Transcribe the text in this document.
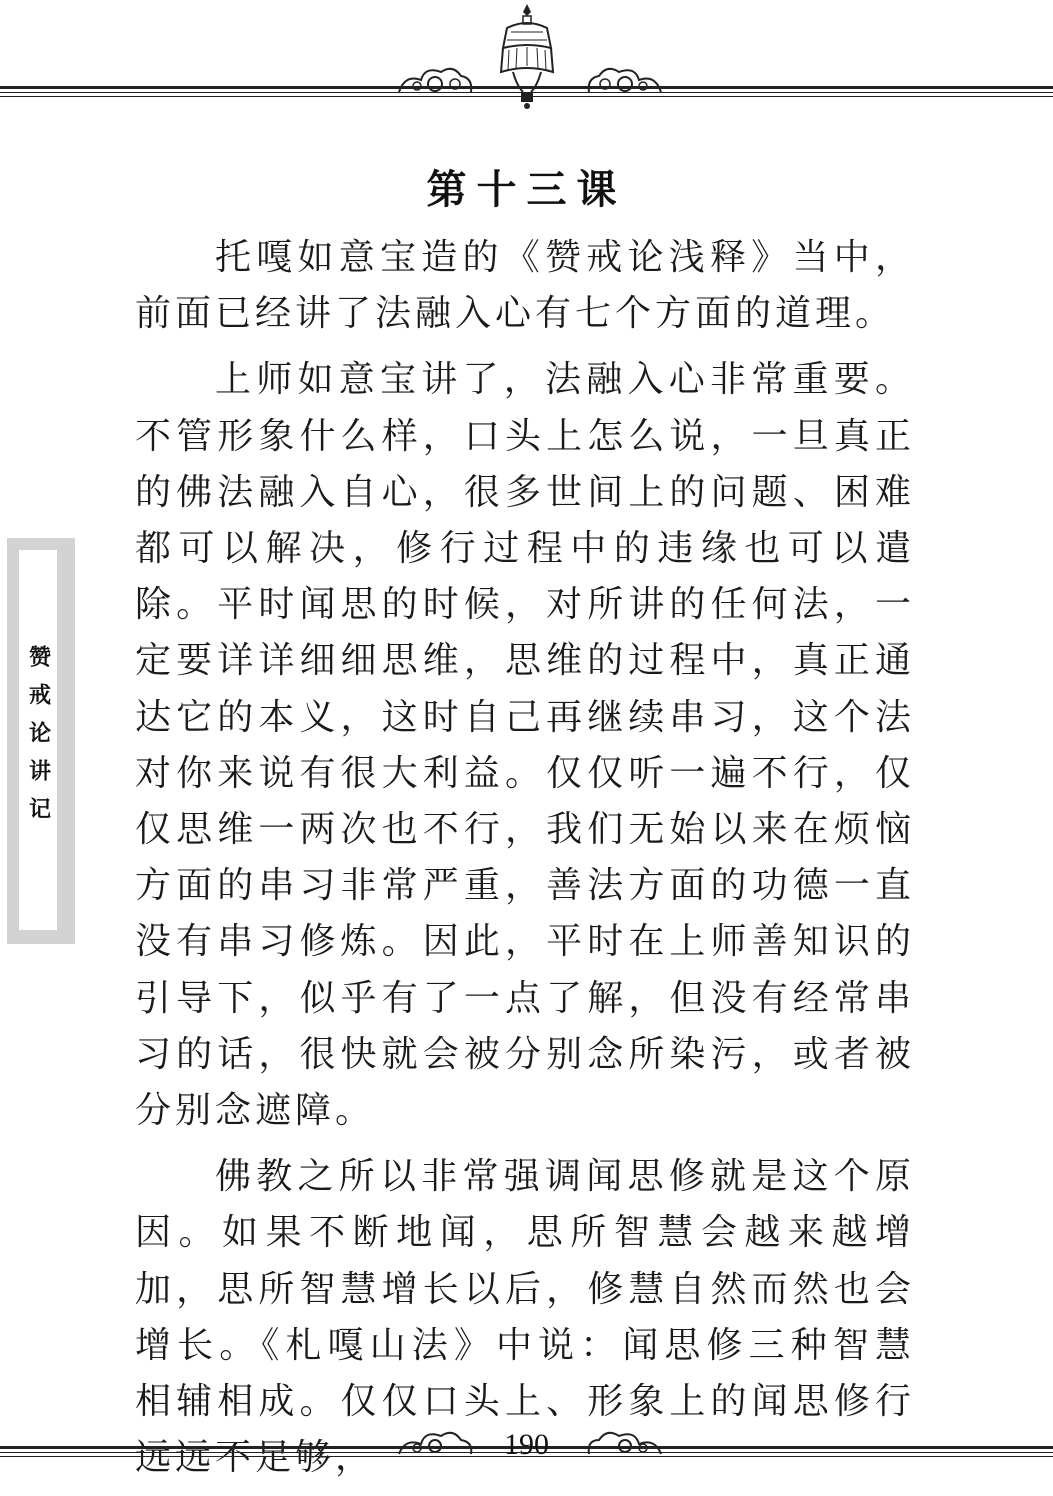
第十三课
赞戒论讲记

托嘎如意宝造的《赞戒论浅释》当中，前面已经讲了法融入心有七个方面的道理。

上师如意宝讲了，法融入心非常重要。不管形象什么样，口头上怎么说，一旦真正的佛法融入自心，很多世间上的问题、困难都可以解决，修行过程中的违缘也可以遣除。平时闻思的时候，对所讲的任何法，一定要详详细细思维，思维的过程中，真正通达它的本义，这时自己再继续串习，这个法对你来说有很大利益。仅仅听一遍不行，仅仅思维一两次也不行，我们无始以来在烦恼方面的串习非常严重，善法方面的功德一直没有串习修炼。因此，平时在上师善知识的引导下，似乎有了一点了解，但没有经常串习的话，很快就会被分别念所染污，或者被分别念遮障。

佛教之所以非常强调闻思修就是这个原因。如果不断地闻，思所智慧会越来越增加，思所智慧增长以后，修慧自然而然也会增长。《札嘎山法》中说：闻思修三种智慧相辅相成。仅仅口头上、形象上的闻思修行远远不足够，	190
